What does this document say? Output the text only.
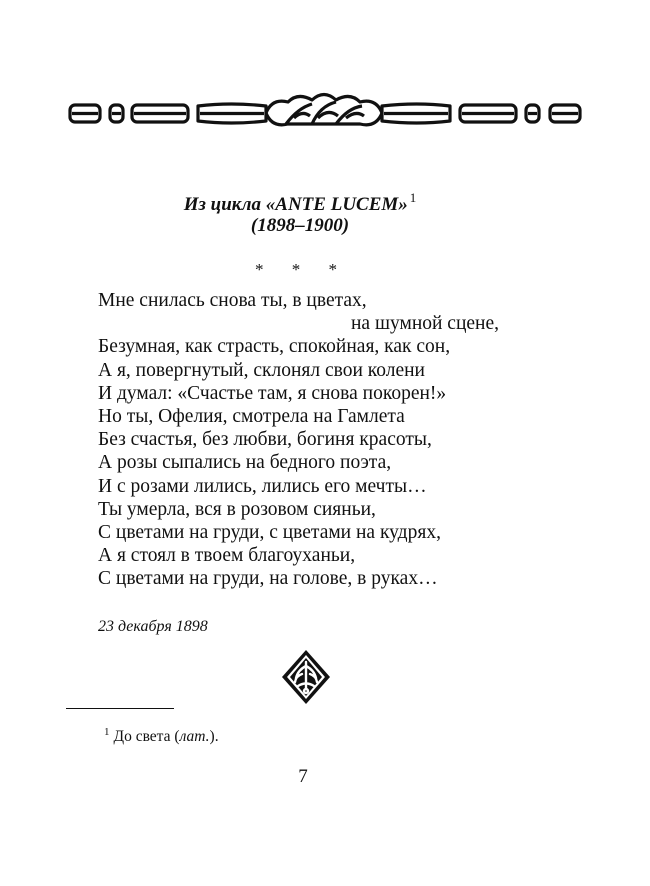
Из цикла «ANTE LUCEM» $^1$
(1898–1900)
* * *
Мне снилась снова ты, в цветах,
на шумной сцене,
Безумная, как страсть, спокойная, как сон,
А я, повергнутый, склонял свои колени
И думал: «Счастье там, я снова покорен!»
Но ты, Офелия, смотрела на Гамлета
Без счастья, без любви, богиня красоты,
А розы сыпались на бедного поэта,
И с розами лились, лились его мечты…
Ты умерла, вся в розовом сияньи,
С цветами на груди, с цветами на кудрях,
А я стоял в твоем благоуханьи,
С цветами на груди, на голове, в руках…
23 декабря 1898
$^1$ До света (лат.).
7
